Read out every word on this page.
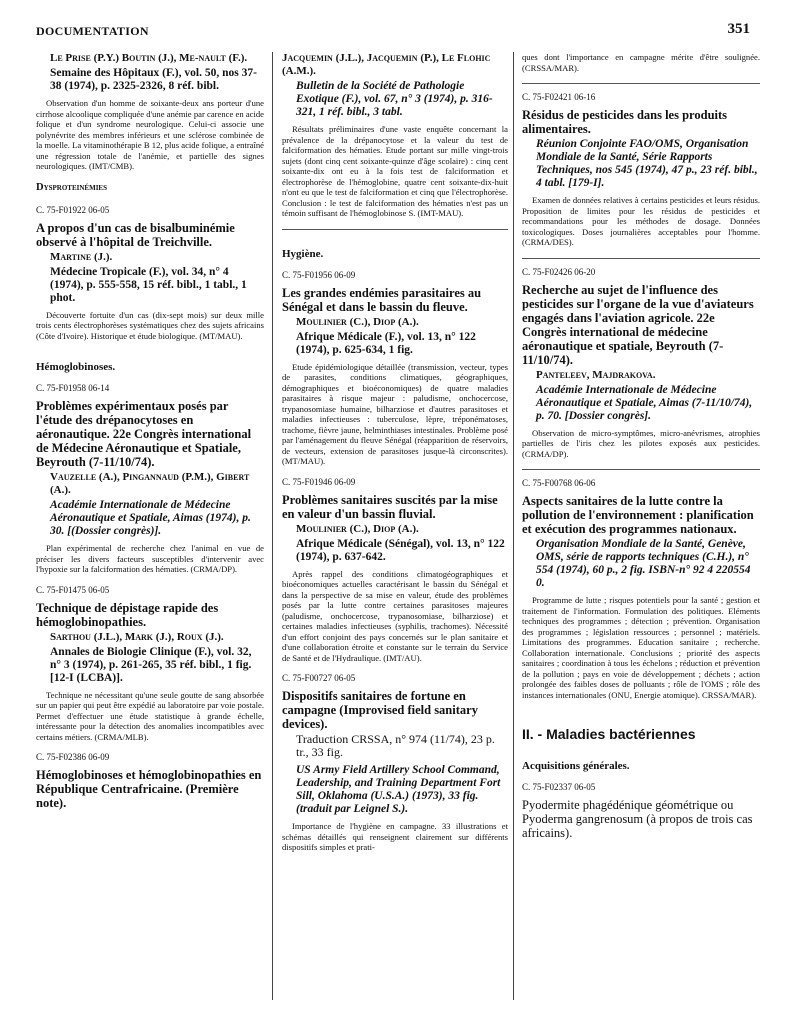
DOCUMENTATION	351
Le Prise (P.Y.) Boutin (J.), Me-nault (F.).
Semaine des Hôpitaux (F.), vol. 50, nos 37-38 (1974), p. 2325-2326, 8 réf. bibl.
Observation d'un homme de soixante-deux ans porteur d'une cirrhose alcoolique compliquée d'une anémie par carence en acide folique et d'un syndrome neurologique. Celui-ci associe une polynévrite des membres inférieurs et une sclérose combinée de la moelle. La vitaminothérapie B 12, plus acide folique, a entraîné une régression totale de l'anémie, et partielle des signes neurologiques. (IMT/CMB).
Dysproteinémies
C. 75-F01922 06-05
A propos d'un cas de bisalbuminémie observé à l'hôpital de Treichville.
Martine (J.).
Médecine Tropicale (F.), vol. 34, n° 4 (1974), p. 555-558, 15 réf. bibl., 1 tabl., 1 phot.
Découverte fortuite d'un cas (dix-sept mois) sur deux mille trois cents électrophorèses systématiques chez des sujets africains (Côte d'Ivoire). Historique et étude biologique. (MT/MAU).
Hémoglobinoses.
C. 75-F01958 06-14
Problèmes expérimentaux posés par l'étude des drépanocytoses en aéronautique. 22e Congrès international de Médecine Aéronautique et Spatiale, Beyrouth (7-11/10/74).
Vauzelle (A.), Pingannaud (P.M.), Gibert (A.).
Académie Internationale de Médecine Aéronautique et Spatiale, Aimas (1974), p. 30. [(Dossier congrès)].
Plan expérimental de recherche chez l'animal en vue de préciser les divers facteurs susceptibles d'intervenir avec l'hypoxie sur la falciformation des hématies. (CRMA/DP).
C. 75-F01475 06-05
Technique de dépistage rapide des hémoglobinopathies.
Sarthou (J.L.), Mark (J.), Roux (J.).
Annales de Biologie Clinique (F.), vol. 32, n° 3 (1974), p. 261-265, 35 réf. bibl., 1 fig. [12-I (LCBA)].
Technique ne nécessitant qu'une seule goutte de sang absorbée sur un papier qui peut être expédié au laboratoire par voie postale. Permet d'effectuer une étude statistique à grande échelle, intéressante pour la détection des anomalies incompatibles avec certains métiers. (CRMA/MLB).
C. 75-F02386 06-09
Hémoglobinoses et hémoglobinopathies en République Centrafricaine. (Première note).
Jacquemin (J.L.), Jacquemin (P.), Le Flohic (A.M.).
Bulletin de la Société de Pathologie Exotique (F.), vol. 67, n° 3 (1974), p. 316-321, 1 réf. bibl., 3 tabl.
Résultats préliminaires d'une vaste enquête concernant la prévalence de la drépanocytose et la valeur du test de falciformation des hématies. Etude portant sur mille vingt-trois sujets (dont cinq cent soixante-quinze d'âge scolaire) : cinq cent soixante-dix ont eu à la fois test de falciformation et électrophorèse de l'hémoglobine, quatre cent soixante-dix-huit n'ont eu que le test de falciformation et cinq que l'électrophorèse. Conclusion : le test de falciformation des hématies n'est pas un témoin suffisant de l'hémoglobinose S. (IMT-MAU).
Hygiène.
C. 75-F01956 06-09
Les grandes endémies parasitaires au Sénégal et dans le bassin du fleuve.
Moulinier (C.), Diop (A.).
Afrique Médicale (F.), vol. 13, n° 122 (1974), p. 625-634, 1 fig.
Etude épidémiologique détaillée (transmission, vecteur, types de parasites, conditions climatiques, géographiques, démographiques et bioéconomiques) de quatre maladies parasitaires à risque majeur : paludisme, onchocercose, trypanosomiase humaine, bilharziose et d'autres parasitoses et maladies infectieuses : tuberculose, lèpre, tréponématoses, trachome, fièvre jaune, helminthiases intestinales. Problème posé par l'aménagement du fleuve Sénégal (réapparition de réservoirs, de vecteurs, extension de parasitoses jusque-là circonscrites). (MT/MAU).
C. 75-F01946 06-09
Problèmes sanitaires suscités par la mise en valeur d'un bassin fluvial.
Moulinier (C.), Diop (A.).
Afrique Médicale (Sénégal), vol. 13, n° 122 (1974), p. 637-642.
Après rappel des conditions climatogéographiques et bioéconomiques actuelles caractérisant le bassin du Sénégal et dans la perspective de sa mise en valeur, étude des problèmes posés par la lutte contre certaines parasitoses majeures (paludisme, onchocercose, trypanosomiase, bilharziose) et certaines maladies infectieuses (syphilis, trachomes). Nécessité d'un effort conjoint des pays concernés sur le plan sanitaire et d'une collaboration étroite et constante sur le terrain du Service de Santé et de l'Hydraulique. (IMT/AU).
C. 75-F00727 06-05
Dispositifs sanitaires de fortune en campagne (Improvised field sanitary devices).
Traduction CRSSA, n° 974 (11/74), 23 p. tr., 33 fig.
US Army Field Artillery School Command, Leadership, and Training Department Fort Sill, Oklahoma (U.S.A.) (1973), 33 fig. (traduit par Leignel S.).
Importance de l'hygiène en campagne. 33 illustrations et schémas détaillés qui renseignent clairement sur différents dispositifs simples et prati-
ques dont l'importance en campagne mérite d'être soulignée. (CRSSA/MAR).
C. 75-F02421 06-16
Résidus de pesticides dans les produits alimentaires.
Réunion Conjointe FAO/OMS, Organisation Mondiale de la Santé, Série Rapports Techniques, nos 545 (1974), 47 p., 23 réf. bibl., 4 tabl. [179-I].
Examen de données relatives à certains pesticides et leurs résidus. Proposition de limites pour les résidus de pesticides et recommandations pour les méthodes de dosage. Données toxicologiques. Doses journalières acceptables pour l'homme. (CRMA/DES).
C. 75-F02426 06-20
Recherche au sujet de l'influence des pesticides sur l'organe de la vue d'aviateurs engagés dans l'aviation agricole. 22e Congrès international de médecine aéronautique et spatiale, Beyrouth (7-11/10/74).
Panteleev, Majdrakova.
Académie Internationale de Médecine Aéronautique et Spatiale, Aimas (7-11/10/74), p. 70. [Dossier congrès].
Observation de micro-symptômes, micro-anévrismes, atrophies partielles de l'iris chez les pilotes exposés aux pesticides. (CRMA/DP).
C. 75-F00768 06-06
Aspects sanitaires de la lutte contre la pollution de l'environnement : planification et exécution des programmes nationaux.
Organisation Mondiale de la Santé, Genève, OMS, série de rapports techniques (C.H.), n° 554 (1974), 60 p., 2 fig. ISBN-n° 92 4 220554 0.
Programme de lutte ; risques potentiels pour la santé ; gestion et traitement de l'information. Formulation des politiques. Eléments techniques des programmes ; détection ; prévention. Organisation des programmes ; législation ressources ; personnel ; matériels. Limitations des programmes. Education sanitaire ; recherche. Collaboration internationale. Conclusions ; priorité des aspects sanitaires ; coordination à tous les échelons ; réduction et prévention de la pollution ; pays en voie de développement ; déchets ; action prolongée des faibles doses de polluants ; rôle de l'OMS ; rôle des instances internationales (ONU, Energie atomique). CRSSA/MAR).
II. - Maladies bactériennes
Acquisitions générales.
C. 75-F02337 06-05
Pyodermite phagédénique géométrique ou Pyoderma gangrenosum (à propos de trois cas africains).
